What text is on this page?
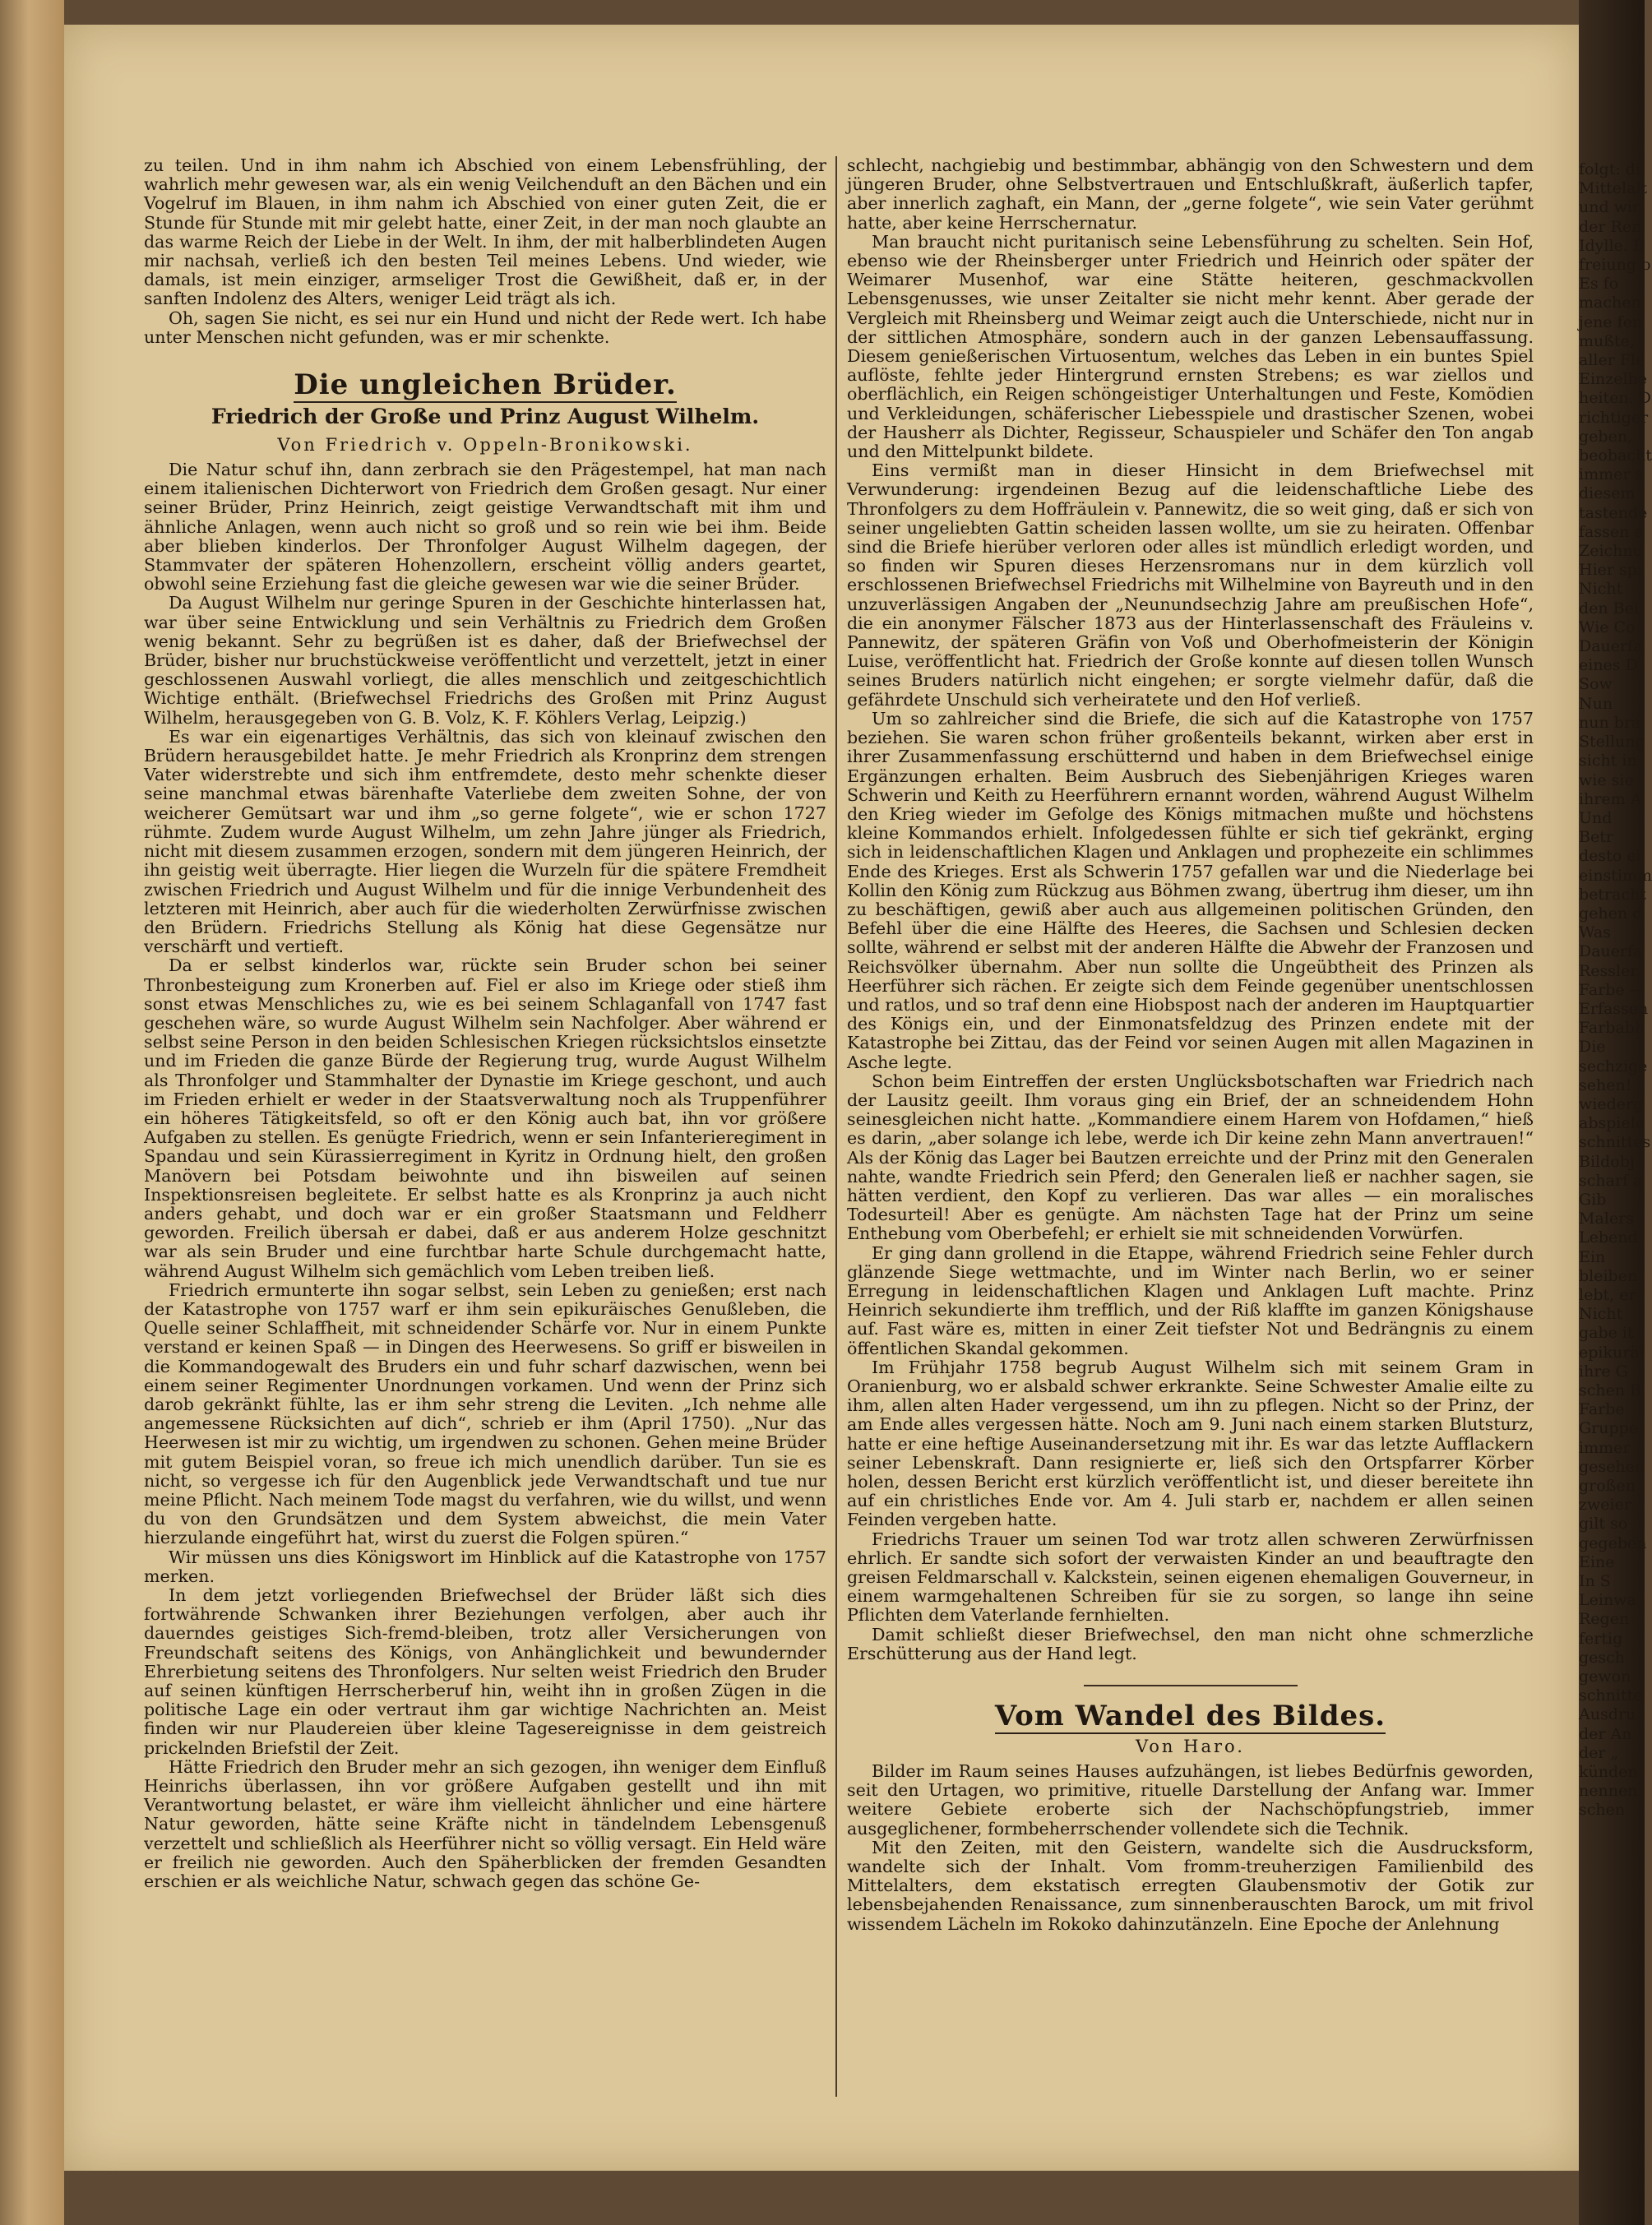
zu teilen. Und in ihm nahm ich Abschied von einem Lebensfrühling, der wahrlich mehr gewesen war, als ein wenig Veilchenduft an den Bächen und ein Vogelruf im Blauen, in ihm nahm ich Abschied von einer guten Zeit, die er Stunde für Stunde mit mir gelebt hatte, einer Zeit, in der man noch glaubte an das warme Reich der Liebe in der Welt. In ihm, der mit halberblindeten Augen mir nachsah, verließ ich den besten Teil meines Lebens. Und wieder, wie damals, ist mein einziger, armseliger Trost die Gewißheit, daß er, in der sanften Indolenz des Alters, weniger Leid trägt als ich.

Oh, sagen Sie nicht, es sei nur ein Hund und nicht der Rede wert. Ich habe unter Menschen nicht gefunden, was er mir schenkte.

Die ungleichen Brüder.
Friedrich der Große und Prinz August Wilhelm.
Von Friedrich v. Oppeln-Bronikowski.

Die Natur schuf ihn, dann zerbrach sie den Prägestempel, hat man nach einem italienischen Dichterwort von Friedrich dem Großen gesagt. Nur einer seiner Brüder, Prinz Heinrich, zeigt geistige Verwandtschaft mit ihm und ähnliche Anlagen, wenn auch nicht so groß und so rein wie bei ihm. Beide aber blieben kinderlos. Der Thronfolger August Wilhelm dagegen, der Stammvater der späteren Hohenzollern, erscheint völlig anders geartet, obwohl seine Erziehung fast die gleiche gewesen war wie die seiner Brüder.

Da August Wilhelm nur geringe Spuren in der Geschichte hinterlassen hat, war über seine Entwicklung und sein Verhältnis zu Friedrich dem Großen wenig bekannt. Sehr zu begrüßen ist es daher, daß der Briefwechsel der Brüder, bisher nur bruchstückweise veröffentlicht und verzettelt, jetzt in einer geschlossenen Auswahl vorliegt, die alles menschlich und zeitgeschichtlich Wichtige enthält. (Briefwechsel Friedrichs des Großen mit Prinz August Wilhelm, herausgegeben von G. B. Volz, K. F. Köhlers Verlag, Leipzig.)

Es war ein eigenartiges Verhältnis, das sich von kleinauf zwischen den Brüdern herausgebildet hatte. Je mehr Friedrich als Kronprinz dem strengen Vater widerstrebte und sich ihm entfremdete, desto mehr schenkte dieser seine manchmal etwas bärenhafte Vaterliebe dem zweiten Sohne, der von weicherer Gemütsart war und ihm „so gerne folgete“, wie er schon 1727 rühmte. Zudem wurde August Wilhelm, um zehn Jahre jünger als Friedrich, nicht mit diesem zusammen erzogen, sondern mit dem jüngeren Heinrich, der ihn geistig weit überragte. Hier liegen die Wurzeln für die spätere Fremdheit zwischen Friedrich und August Wilhelm und für die innige Verbundenheit des letzteren mit Heinrich, aber auch für die wiederholten Zerwürfnisse zwischen den Brüdern. Friedrichs Stellung als König hat diese Gegensätze nur verschärft und vertieft.

Da er selbst kinderlos war, rückte sein Bruder schon bei seiner Thronbesteigung zum Kronerben auf. Fiel er also im Kriege oder stieß ihm sonst etwas Menschliches zu, wie es bei seinem Schlaganfall von 1747 fast geschehen wäre, so wurde August Wilhelm sein Nachfolger. Aber während er selbst seine Person in den beiden Schlesischen Kriegen rücksichtslos einsetzte und im Frieden die ganze Bürde der Regierung trug, wurde August Wilhelm als Thronfolger und Stammhalter der Dynastie im Kriege geschont, und auch im Frieden erhielt er weder in der Staatsverwaltung noch als Truppenführer ein höheres Tätigkeitsfeld, so oft er den König auch bat, ihn vor größere Aufgaben zu stellen. Es genügte Friedrich, wenn er sein Infanterieregiment in Spandau und sein Kürassierregiment in Kyritz in Ordnung hielt, den großen Manövern bei Potsdam beiwohnte und ihn bisweilen auf seinen Inspektionsreisen begleitete. Er selbst hatte es als Kronprinz ja auch nicht anders gehabt, und doch war er ein großer Staatsmann und Feldherr geworden. Freilich übersah er dabei, daß er aus anderem Holze geschnitzt war als sein Bruder und eine furchtbar harte Schule durchgemacht hatte, während August Wilhelm sich gemächlich vom Leben treiben ließ.

Friedrich ermunterte ihn sogar selbst, sein Leben zu genießen; erst nach der Katastrophe von 1757 warf er ihm sein epikuräisches Genußleben, die Quelle seiner Schlaffheit, mit schneidender Schärfe vor. Nur in einem Punkte verstand er keinen Spaß — in Dingen des Heerwesens. So griff er bisweilen in die Kommandogewalt des Bruders ein und fuhr scharf dazwischen, wenn bei einem seiner Regimenter Unordnungen vorkamen. Und wenn der Prinz sich darob gekränkt fühlte, las er ihm sehr streng die Leviten. „Ich nehme alle angemessene Rücksichten auf dich“, schrieb er ihm (April 1750). „Nur das Heerwesen ist mir zu wichtig, um irgendwen zu schonen. Gehen meine Brüder mit gutem Beispiel voran, so freue ich mich unendlich darüber. Tun sie es nicht, so vergesse ich für den Augenblick jede Verwandtschaft und tue nur meine Pflicht. Nach meinem Tode magst du verfahren, wie du willst, und wenn du von den Grundsätzen und dem System abweichst, die mein Vater hierzulande eingeführt hat, wirst du zuerst die Folgen spüren.“

Wir müssen uns dies Königswort im Hinblick auf die Katastrophe von 1757 merken.

In dem jetzt vorliegenden Briefwechsel der Brüder läßt sich dies fortwährende Schwanken ihrer Beziehungen verfolgen, aber auch ihr dauerndes geistiges Sich-fremd-bleiben, trotz aller Versicherungen von Freundschaft seitens des Königs, von Anhänglichkeit und bewundernder Ehrerbietung seitens des Thronfolgers. Nur selten weist Friedrich den Bruder auf seinen künftigen Herrscherberuf hin, weiht ihn in großen Zügen in die politische Lage ein oder vertraut ihm gar wichtige Nachrichten an. Meist finden wir nur Plaudereien über kleine Tagesereignisse in dem geistreich prickelnden Briefstil der Zeit.

Hätte Friedrich den Bruder mehr an sich gezogen, ihn weniger dem Einfluß Heinrichs überlassen, ihn vor größere Aufgaben gestellt und ihn mit Verantwortung belastet, er wäre ihm vielleicht ähnlicher und eine härtere Natur geworden, hätte seine Kräfte nicht in tändelndem Lebensgenuß verzettelt und schließlich als Heerführer nicht so völlig versagt. Ein Held wäre er freilich nie geworden. Auch den Späherblicken der fremden Gesandten erschien er als weichliche Natur, schwach gegen das schöne Ge-

schlecht, nachgiebig und bestimmbar, abhängig von den Schwestern und dem jüngeren Bruder, ohne Selbstvertrauen und Entschlußkraft, äußerlich tapfer, aber innerlich zaghaft, ein Mann, der „gerne folgete“, wie sein Vater gerühmt hatte, aber keine Herrschernatur.

Man braucht nicht puritanisch seine Lebensführung zu schelten. Sein Hof, ebenso wie der Rheinsberger unter Friedrich und Heinrich oder später der Weimarer Musenhof, war eine Stätte heiteren, geschmackvollen Lebensgenusses, wie unser Zeitalter sie nicht mehr kennt. Aber gerade der Vergleich mit Rheinsberg und Weimar zeigt auch die Unterschiede, nicht nur in der sittlichen Atmosphäre, sondern auch in der ganzen Lebensauffassung. Diesem genießerischen Virtuosentum, welches das Leben in ein buntes Spiel auflöste, fehlte jeder Hintergrund ernsten Strebens; es war ziellos und oberflächlich, ein Reigen schöngeistiger Unterhaltungen und Feste, Komödien und Verkleidungen, schäferischer Liebesspiele und drastischer Szenen, wobei der Hausherr als Dichter, Regisseur, Schauspieler und Schäfer den Ton angab und den Mittelpunkt bildete.

Eins vermißt man in dieser Hinsicht in dem Briefwechsel mit Verwunderung: irgendeinen Bezug auf die leidenschaftliche Liebe des Thronfolgers zu dem Hoffräulein v. Pannewitz, die so weit ging, daß er sich von seiner ungeliebten Gattin scheiden lassen wollte, um sie zu heiraten. Offenbar sind die Briefe hierüber verloren oder alles ist mündlich erledigt worden, und so finden wir Spuren dieses Herzensromans nur in dem kürzlich voll erschlossenen Briefwechsel Friedrichs mit Wilhelmine von Bayreuth und in den unzuverlässigen Angaben der „Neunundsechzig Jahre am preußischen Hofe“, die ein anonymer Fälscher 1873 aus der Hinterlassenschaft des Fräuleins v. Pannewitz, der späteren Gräfin von Voß und Oberhofmeisterin der Königin Luise, veröffentlicht hat. Friedrich der Große konnte auf diesen tollen Wunsch seines Bruders natürlich nicht eingehen; er sorgte vielmehr dafür, daß die gefährdete Unschuld sich verheiratete und den Hof verließ.

Um so zahlreicher sind die Briefe, die sich auf die Katastrophe von 1757 beziehen. Sie waren schon früher großenteils bekannt, wirken aber erst in ihrer Zusammenfassung erschütternd und haben in dem Briefwechsel einige Ergänzungen erhalten. Beim Ausbruch des Siebenjährigen Krieges waren Schwerin und Keith zu Heerführern ernannt worden, während August Wilhelm den Krieg wieder im Gefolge des Königs mitmachen mußte und höchstens kleine Kommandos erhielt. Infolgedessen fühlte er sich tief gekränkt, erging sich in leidenschaftlichen Klagen und Anklagen und prophezeite ein schlimmes Ende des Krieges. Erst als Schwerin 1757 gefallen war und die Niederlage bei Kollin den König zum Rückzug aus Böhmen zwang, übertrug ihm dieser, um ihn zu beschäftigen, gewiß aber auch aus allgemeinen politischen Gründen, den Befehl über die eine Hälfte des Heeres, die Sachsen und Schlesien decken sollte, während er selbst mit der anderen Hälfte die Abwehr der Franzosen und Reichsvölker übernahm. Aber nun sollte die Ungeübtheit des Prinzen als Heerführer sich rächen. Er zeigte sich dem Feinde gegenüber unentschlossen und ratlos, und so traf denn eine Hiobspost nach der anderen im Hauptquartier des Königs ein, und der Einmonatsfeldzug des Prinzen endete mit der Katastrophe bei Zittau, das der Feind vor seinen Augen mit allen Magazinen in Asche legte.

Schon beim Eintreffen der ersten Unglücksbotschaften war Friedrich nach der Lausitz geeilt. Ihm voraus ging ein Brief, der an schneidendem Hohn seinesgleichen nicht hatte. „Kommandiere einem Harem von Hofdamen,“ hieß es darin, „aber solange ich lebe, werde ich Dir keine zehn Mann anvertrauen!“ Als der König das Lager bei Bautzen erreichte und der Prinz mit den Generalen nahte, wandte Friedrich sein Pferd; den Generalen ließ er nachher sagen, sie hätten verdient, den Kopf zu verlieren. Das war alles — ein moralisches Todesurteil! Aber es genügte. Am nächsten Tage hat der Prinz um seine Enthebung vom Oberbefehl; er erhielt sie mit schneidenden Vorwürfen.

Er ging dann grollend in die Etappe, während Friedrich seine Fehler durch glänzende Siege wettmachte, und im Winter nach Berlin, wo er seiner Erregung in leidenschaftlichen Klagen und Anklagen Luft machte. Prinz Heinrich sekundierte ihm trefflich, und der Riß klaffte im ganzen Königshause auf. Fast wäre es, mitten in einer Zeit tiefster Not und Bedrängnis zu einem öffentlichen Skandal gekommen.

Im Frühjahr 1758 begrub August Wilhelm sich mit seinem Gram in Oranienburg, wo er alsbald schwer erkrankte. Seine Schwester Amalie eilte zu ihm, allen alten Hader vergessend, um ihn zu pflegen. Nicht so der Prinz, der am Ende alles vergessen hätte. Noch am 9. Juni nach einem starken Blutsturz, hatte er eine heftige Auseinandersetzung mit ihr. Es war das letzte Aufflackern seiner Lebenskraft. Dann resignierte er, ließ sich den Ortspfarrer Körber holen, dessen Bericht erst kürzlich veröffentlicht ist, und dieser bereitete ihn auf ein christliches Ende vor. Am 4. Juli starb er, nachdem er allen seinen Feinden vergeben hatte.

Friedrichs Trauer um seinen Tod war trotz allen schweren Zerwürfnissen ehrlich. Er sandte sich sofort der verwaisten Kinder an und beauftragte den greisen Feldmarschall v. Kalckstein, seinen eigenen ehemaligen Gouverneur, in einem warmgehaltenen Schreiben für sie zu sorgen, so lange ihn seine Pflichten dem Vaterlande fernhielten.

Damit schließt dieser Briefwechsel, den man nicht ohne schmerzliche Erschütterung aus der Hand legt.

Vom Wandel des Bildes.
Von Haro.

Bilder im Raum seines Hauses aufzuhängen, ist liebes Bedürfnis geworden, seit den Urtagen, wo primitive, rituelle Darstellung der Anfang war. Immer weitere Gebiete eroberte sich der Nachschöpfungstrieb, immer ausgeglichener, formbeherrschender vollendete sich die Technik.

Mit den Zeiten, mit den Geistern, wandelte sich die Ausdrucksform, wandelte sich der Inhalt. Vom fromm-treuherzigen Familienbild des Mittelalters, dem ekstatisch erregten Glaubensmotiv der Gotik zur lebensbejahenden Renaissance, zum sinnenberauschten Barock, um mit frivol wissendem Lächeln im Rokoko dahinzutänzeln. Eine Epoche der Anlehnung

folgt: di
Mittelalt
und wir
der Ren
Idylle. D
freiung o
Es fo
machen
jene fen
mußte,
aller Fle
Einzelhe
heiten. D
richtiger
geben,
beobacht
immer s
diesem
tastende
fassen a
Zeichnu
Hier spr
Nicht
den Bei
Wie Co
Dauerfa
eines D
Sow
Nun
nun bra
Stellung
sicht in
wie sie
ihrem A
Und
Betr
desto ei
einstimm
betracht
gehen d
Was
Dauerfa
Ressler.
Farbe —
Erfassen
Farbabh
Die
sechzige
sehen!
wiederg
abspiele
schnittes
Bildobj
scharf a
Gib
Malers
Lebend
Ein
bleiben
lebt, er
Nicht
gabe it
epikuräi
ihre G
schen B
Farbe
Gruppe
immer
gesehen
großen
zweier
gilt so
gegeben
Eine
In S
Leinwa
Regen
fertig
gesch
gewon
schnitte
Ausdru
der An
der „
künden
nennen
schen
